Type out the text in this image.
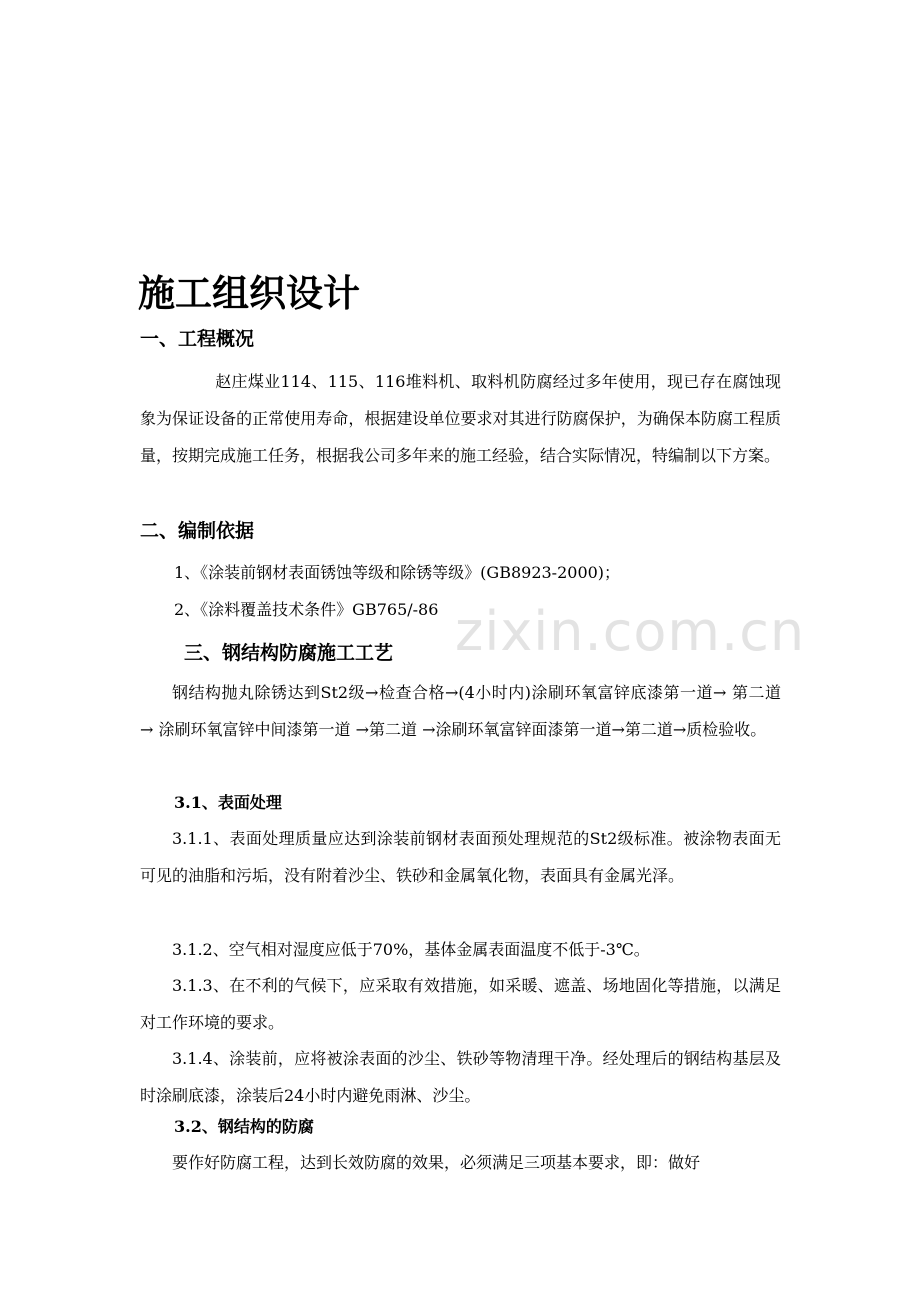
施工组织设计
一、工程概况
赵庄煤业114、115、116堆料机、取料机防腐经过多年使用，现已存在腐蚀现象为保证设备的正常使用寿命，根据建设单位要求对其进行防腐保护，为确保本防腐工程质量，按期完成施工任务，根据我公司多年来的施工经验，结合实际情况，特编制以下方案。
二、编制依据
1、《涂装前钢材表面锈蚀等级和除锈等级》(GB8923-2000)；
2、《涂料覆盖技术条件》GB765/-86 zixin.com.cn
三、钢结构防腐施工工艺
钢结构抛丸除锈达到St2级→检查合格→(4小时内)涂刷环氧富锌底漆第一道→ 第二道 → 涂刷环氧富锌中间漆第一道 →第二道 →涂刷环氧富锌面漆第一道→第二道→质检验收。
3.1、表面处理
3.1.1、表面处理质量应达到涂装前钢材表面预处理规范的St2级标准。被涂物表面无可见的油脂和污垢，没有附着沙尘、铁砂和金属氧化物，表面具有金属光泽。
3.1.2、空气相对湿度应低于70%，基体金属表面温度不低于-3℃。
3.1.3、在不利的气候下，应采取有效措施，如采暖、遮盖、场地固化等措施，以满足对工作环境的要求。
3.1.4、涂装前，应将被涂表面的沙尘、铁砂等物清理干净。经处理后的钢结构基层及时涂刷底漆，涂装后24小时内避免雨淋、沙尘。
3.2、钢结构的防腐
要作好防腐工程，达到长效防腐的效果，必须满足三项基本要求，即：做好
